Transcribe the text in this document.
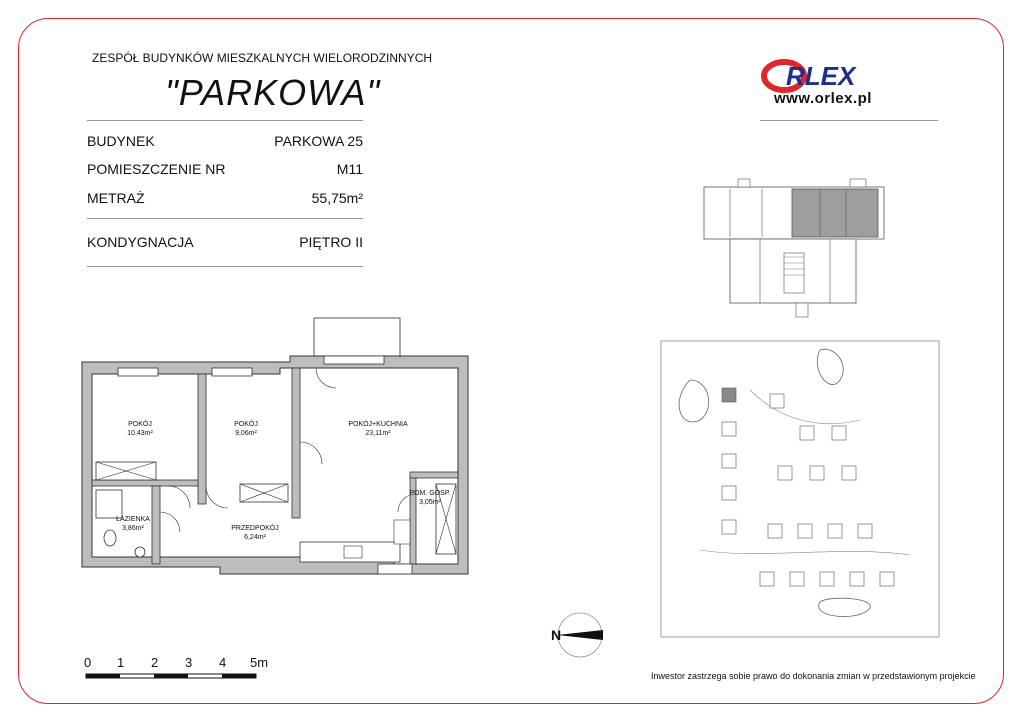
ZESPÓŁ BUDYNKÓW MIESZKALNYCH WIELORODZINNYCH
"PARKOWA"	RLEX
www.orlex.pl
BUDYNEK	PARKOWA 25
POMIESZCZENIE NR	M11
METRAŻ	55,75m²
KONDYGNACJA	PIĘTRO II
POKÓJ
10,43m²
POKÓJ
9,06m²
POKÓJ+KUCHNIA
23,11m²
POM. GOSP.
3,05m²
ŁAZIENKA
3,86m²	PRZEDPOKÓJ
6,24m²
0 1 2 3 4 5m
N
Inwestor zastrzega sobie prawo do dokonania zmian w przedstawionym projekcie
